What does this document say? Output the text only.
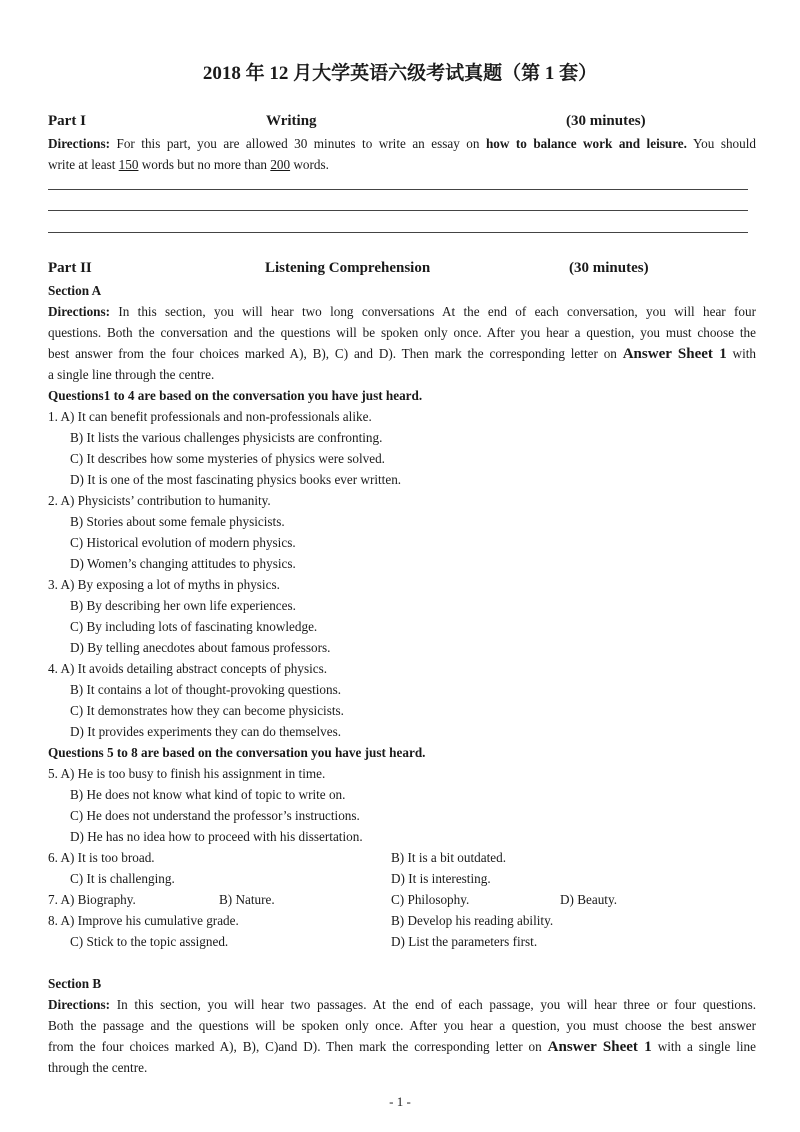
2018 年 12 月大学英语六级考试真题（第 1 套）
Part I	Writing	(30 minutes)
Directions: For this part, you are allowed 30 minutes to write an essay on how to balance work and leisure. You should
write at least 150 words but no more than 200 words.
Part II	Listening Comprehension	(30 minutes)
Section A
Directions: In this section, you will hear two long conversations At the end of each conversation, you will hear four
questions. Both the conversation and the questions will be spoken only once. After you hear a question, you must choose the
best answer from the four choices marked A), B), C) and D). Then mark the corresponding letter on Answer Sheet 1 with
a single line through the centre.
Questions1 to 4 are based on the conversation you have just heard.
1. A) It can benefit professionals and non-professionals alike.
B) It lists the various challenges physicists are confronting.
C) It describes how some mysteries of physics were solved.
D) It is one of the most fascinating physics books ever written.
2. A) Physicists’ contribution to humanity.
B) Stories about some female physicists.
C) Historical evolution of modern physics.
D) Women’s changing attitudes to physics.
3. A) By exposing a lot of myths in physics.
B) By describing her own life experiences.
C) By including lots of fascinating knowledge.
D) By telling anecdotes about famous professors.
4. A) It avoids detailing abstract concepts of physics.
B) It contains a lot of thought-provoking questions.
C) It demonstrates how they can become physicists.
D) It provides experiments they can do themselves.
Questions 5 to 8 are based on the conversation you have just heard.
5. A) He is too busy to finish his assignment in time.
B) He does not know what kind of topic to write on.
C) He does not understand the professor’s instructions.
D) He has no idea how to proceed with his dissertation.
6. A) It is too broad.	B) It is a bit outdated.
C) It is challenging.	D) It is interesting.
7. A) Biography.	B) Nature.	C) Philosophy.	D) Beauty.
8. A) Improve his cumulative grade.	B) Develop his reading ability.
C) Stick to the topic assigned.	D) List the parameters first.
Section B
Directions: In this section, you will hear two passages. At the end of each passage, you will hear three or four questions.
Both the passage and the questions will be spoken only once. After you hear a question, you must choose the best answer
from the four choices marked A), B), C)and D). Then mark the corresponding letter on Answer Sheet 1 with a single line
through the centre.
- 1 -
